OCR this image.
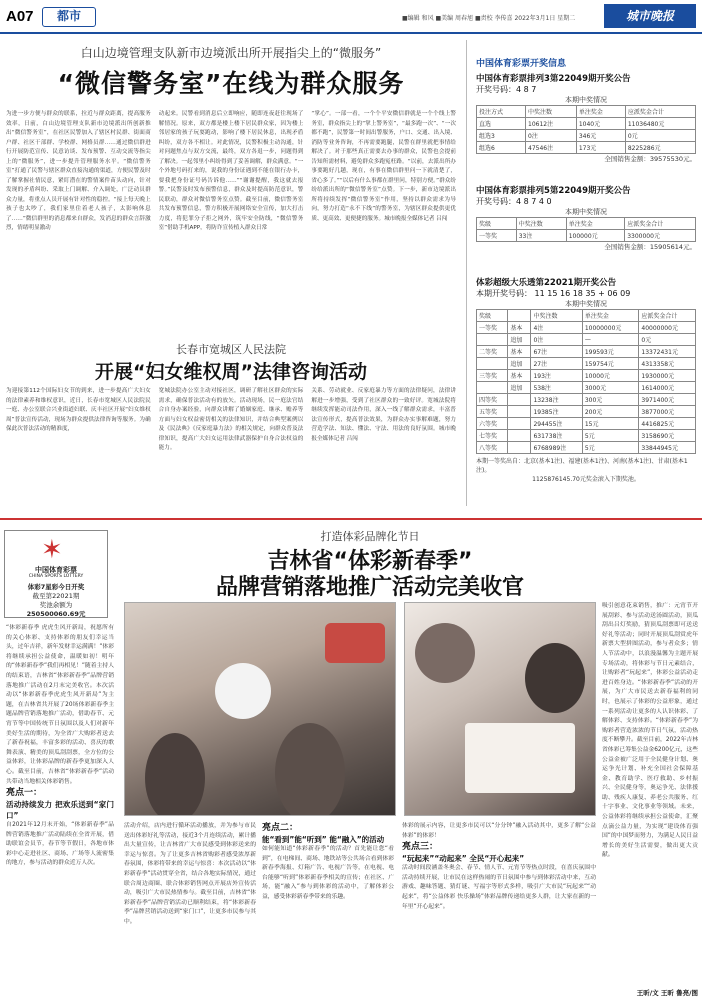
A07	都市	■编辑 和风 ■美编 周春旭 ■责校 李传喜 2022年3月1日 星期二	城市晚报
白山边境管理支队新市边境派出所开展指尖上的“微服务”
“微信警务室”在线为群众服务
为进一步方便与群众的联系，拉近与群众距离，提高服务效率，日前，白山边境管理支队新市边境派出所创新推出“微信警务室”，在社区民警加入了辖区村民群、街面商户群、社区干部群、学校群、网格员群……通过微信群进行开展防范宣传、民意访谈、发布预警、互动交流等指尖上的“微服务”，进一步提升管理服务水平。“微信警务室”打通了民警与辖区群众直接沟通的渠道，方便民警及时了解掌握社情民意，紧盯潜在的警情案件苗头动向，针对发现的矛盾纠纷、采取上门调解、介入调处，广泛动员群众力量，将重点人员开展有针对性的稳控。“接上每天晚上孩子也太吵了，我们家里住着老人孩子，太影响休息了……”微信群里的消息都来自群众，发消息的群众言辞激烈，情绪明显激动
动起来。民警看到消息后立即响应，随即连夜赶往现场了解情况。原来，双方都是楼上楼下居民群众家，因为楼上邻居家的孩子玩耍跑动，影响了楼下居民休息，出现矛盾纠纷，双方各不相让。对此情况，民警积极主动沟通，针对问题焦点与双方交流，最终，双方各退一步，问题得到了解决。一起邻里小纠纷得到了妥善调解，群众满意。“一个外地号码打来的，说我的身份证遇到不能在银行办卡，要我把身份证号码告诉他……”“谢谢提醒，我这就去报警。”民警及时发布预警信息，群众及时提高防范意识，警民联动，群众对微信警务室点赞。截至目前，微信警务室共发布预警信息，警方积极开展网络安全宣传，加大打击力度，将犯罪分子拒之网外，筑牢安全防线，“微信警务室”借助手机APP，将防诈宣传植入群众日常
“掌心”。一部一看，一个个平安微信群就是一个个线上警务室，群众指尖上的“掌上警务室”，“最多跑一次”、“一次都不跑”，民警第一时间出警服务，户口、交通、出入境、消防等业务咨询，不再需要跑腿，民警在群里就把事情给解决了。对于那些真正需要去办事的群众，民警也会提前告知所需材料，避免群众多跑冤枉路。“以前，去派出所办事要跑好几趟，现在，有事在微信群里问一下就清楚了，省心多了。”“以后有什么事都在群里问，特别方便。”群众纷纷给派出所的“微信警务室”点赞。下一步，新市边境派出所将持续发挥“微信警务室”作用，坚持以群众需求为导向，努力打造“永不下线”的警务室，为辖区群众提供更优质、更高效、更便捷的服务。城市晚报全媒体记者 吕闯
长春市宽城区人民法院
开展“妇女维权周”法律咨询活动
为迎接第112个国际妇女节的到来，进一步提高广大妇女的法律素养和维权意识，近日，长春市宽城区人民法院民一庭、办公室联合兴业街道妇联、庆丰社区开展“妇女维权周”普法宣传活动，现场为群众提供法律咨询等服务。为确保此次普法活动的精准度，
宽城法院办公室主动对接社区，调研了解社区群众的实际需求，确保普法活动有的放矢。活动现场，民一庭法官结合自身办案经验，向群众讲解了婚姻家庭、继承、赡养等方面与妇女权益密切相关的法律知识，并结合典型案例以及《民法典》《反家庭暴力法》的相关规定，向群众普及法律知识，提高广大妇女运用法律武器保护自身合法权益的能力。
关系、劳动就业、反家庭暴力等方面的法律疑问，法律讲解进一步增强，受到了社区群众的一致好评。宽城法院将继续发挥能动司法作用，深入一线了解群众需求，丰富普法宣传形式，提高普法效果，为群众办实事解难题，努力营造学法、知法、懂法、守法、用法的良好氛围。城市晚报全媒体记者 吕闯
中国体育彩票开奖信息
中国体育彩票排列3第22049期开奖公告
开奖号码：4 8 7
本期中奖情况
投注方式	中奖注数	单注奖金	应派奖金合计
直选	10612注	1040元	11036480元
组选3	0注	346元	0元
组选6	47546注	173元	8225286元
全国销售金额：39575530元。
中国体育彩票排列5第22049期开奖公告
开奖号码：4 8 7 4 0
本期中奖情况
奖级	中奖注数	单注奖金	应派奖金合计
一等奖	33注	100000元	3300000元
全国销售金额：15905614元。
体彩超级大乐透第22021期开奖公告
本期开奖号码： 11 15 16 18 35 + 06 09
本期中奖情况
奖级		中奖注数	单注奖金	应派奖金合计
一等奖	基本	4注	10000000元	40000000元
	追加	0注	—	0元
二等奖	基本	67注	199593元	13372431元
	追加	27注	159754元	4313358元
三等奖	基本	193注	10000元	1930000元
	追加	538注	3000元	1614000元
四等奖		13238注	300元	3971400元
五等奖		19385注	200元	3877000元
六等奖		294455注	15元	4416825元
七等奖		631738注	5元	3158690元
八等奖		6768989注	5元	33844945元
本期一等奖出自：北京(基本1注)、福建(基本1注)、河南(基本1注)、甘肃(基本1注)。
1125876145.70元奖金滚入下期奖池。
打造体彩品牌化节日
吉林省“体彩新春季”
品牌营销落地推广活动完美收官
✶
中国体育彩票
CHINA SPORTS LOTTERY
体彩7星彩今日开奖
截至第22021期
奖池余额为
250500060.69元
“体彩新春季 虎虎生风开新局，祝愿所有的关心体彩、支持体彩的朋友们幸运当头，过年吉祥，新年发财幸运满满！”体彩将继续承担公益使命，温暖如初！明年的“体彩新春季”我们再相见！”随着主持人的结束语，吉林省“体彩新春季”品牌营销落地推广活动在2月末完美收官。本次活动以“体彩新春季虎虎生风开新局”为主题，在吉林省共开展了20场体彩新春季主题品牌营销落地推广活动，借助春节、元宵节等中国传统节日氛围以及人们对新年美好生活的期待，为全省广大购彩者送去了新春祝福，丰富多彩的活动、喜庆的歌舞表演、精美的顶瓜刮刮票，全方位的公益体彩，让体彩品牌的新春季更加深入人心。截至目前，吉林省“体彩新春季”活动共带动当地相关体彩销售。
亮点一：
活动持续发力 把欢乐送到“家门口”
自2021年12月末开始，“体彩新春季”品牌营销落地推广活动陆续在全省开展，借助联谊会员节，春节等节假日，各地市体彩中心走进社区、商场、广场等人流密集的地方，参与活动的群众近万人次。
活动介绍，店内进行循环活动播放，并为参与市民送出体彩好礼等活动，接近3个月连续活动，累计播出大量宣传，让吉林省广大市民感受到体彩送来的幸运与惊喜。为了让更多吉林省购彩者感受浓厚新春氛围，体彩将带来的幸运与惊喜：本次活动以“体彩新春季”活动贯穿全省，结合各地实际情况，通过联合周边商圈、联合体彩销售网点开展店外宣传活动，吸引广大市民热情参与。截至目前，吉林省“体彩新春季”品牌营销活动已顺利结束，将“体彩新春季”品牌营销活动送到“家门口”，让更多市民参与其中。
亮点二：
能“看到”能“听到” 能“融入”的活动
如何能知道“体彩新春季”的活动？首先能让您“看到”，在电梯间、商场、地铁站等公共场合看到体彩新春季海报、灯箱广告、电视广告等，在电视、电台能够“听到”体彩新春季相关的宣传；在社区、广场，能“融入”参与到体彩的活动中，了解体彩公益，感受体彩新春季带来的乐趣。
体彩的展示内容，让更多市民可以“分分钟”融入活动其中，更多了解“公益体彩”的体彩！
亮点三：
“玩起来”“动起来” 全民“开心起来”
活动时间段涵盖冬奥会、春节、情人节、元宵节等热点时段，在喜庆氛围中活动持续开展，让市民在这样热闹的节日氛围中参与到体彩活动中来，互动游戏、趣味答题、猜灯谜、写福字等形式多样，吸引广大市民“玩起来”“动起来”，将“公益体彩 快乐操场”体彩品牌传递给更多人群，让大家在新的一年里“开心起来”。
吸引创意花束销售，推广：元宵节开展刮彩、参与活动送汤圆活动，顶瓜刮出吕灯奖励，猜顶瓜刮票即可送送好礼等活动；同时开展顶瓜刮赏虎年新票大型拼图活动，参与者众多；情人节活动中，以浪漫温馨为主题开展专场活动，将体彩与节日元素结合，让购彩者“玩起来”，体彩公益活动走进百姓身边。“体彩新春季”活动的开展，为广大市民送去新春福利的同时，也展示了体彩的公益形象，通过一系列活动让更多的人认识体彩、了解体彩、支持体彩。“体彩新春季”为购彩者营造浓浓的节日气氛，活动热度不断攀升。截至目前，2022年吉林省体彩已筹集公益金6200亿元，这些公益金被广泛用于全民健身计划、奥运争光计划、补充全国社会保障基金、教育助学、医疗救助、乡村振兴、全民健身等，奥运争光、法律援助、残疾人康复、养老公共服务、红十字事业、文化事业等领域。未来，公益体彩将继续承担公益使命，汇聚点滴公益力量，为实现“建设体育强国”的中国梦而努力，为满足人民日益增长的美好生活需要，做出更大贡献。
王昕/文 王昕 鲁亮/图
